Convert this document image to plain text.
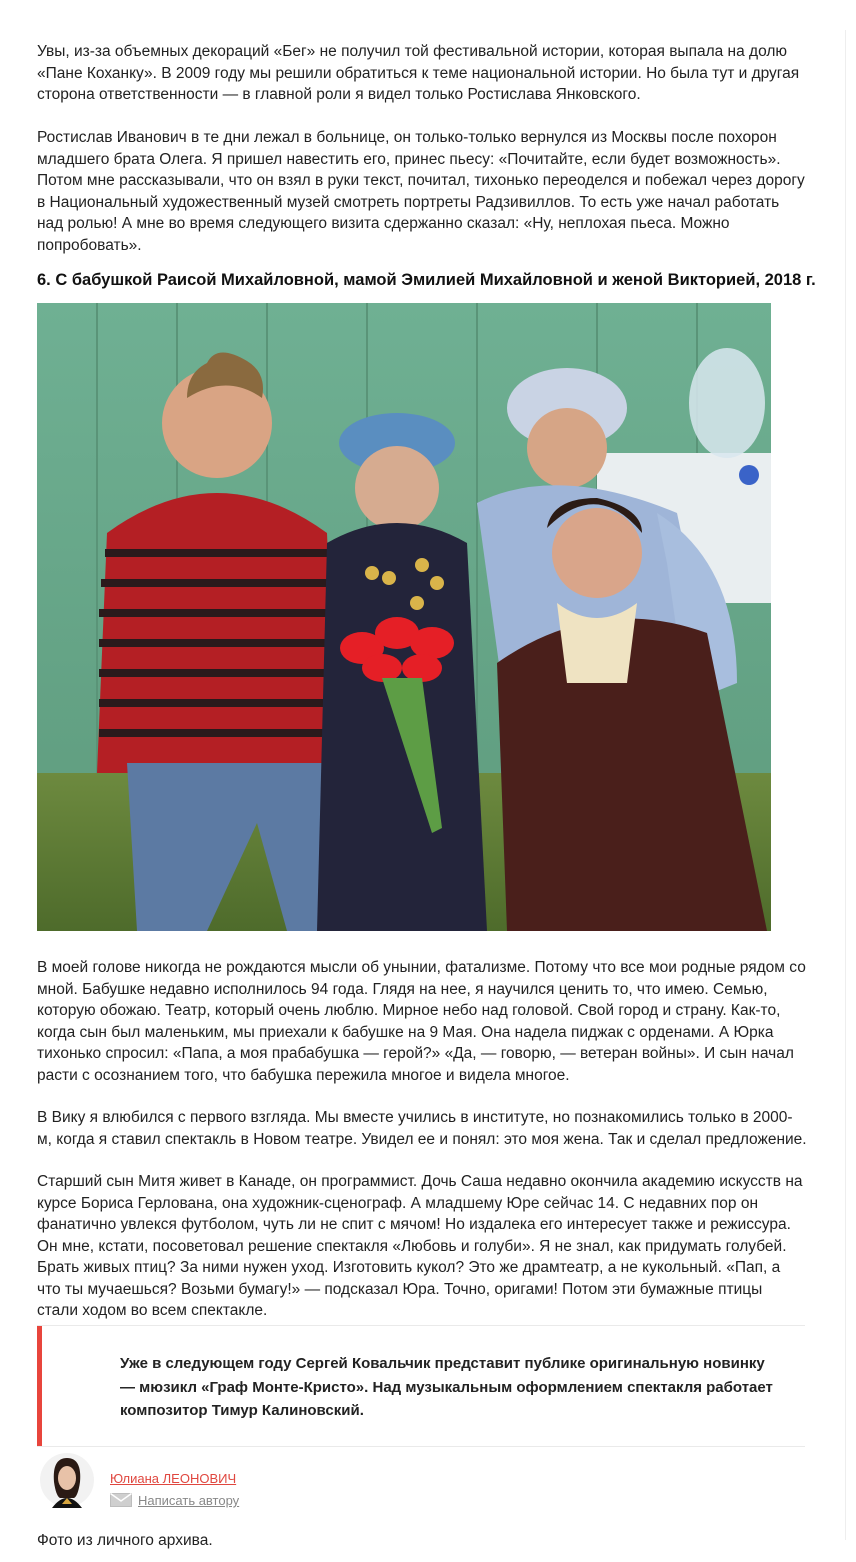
Увы, из-за объемных декораций «Бег» не получил той фестивальной истории, которая выпала на долю «Пане Коханку». В 2009 году мы решили обратиться к теме национальной истории. Но была тут и другая сторона ответственности — в главной роли я видел только Ростислава Янковского.

Ростислав Иванович в те дни лежал в больнице, он только-только вернулся из Москвы после похорон младшего брата Олега. Я пришел навестить его, принес пьесу: «Почитайте, если будет возможность». Потом мне рассказывали, что он взял в руки текст, почитал, тихонько переоделся и побежал через дорогу в Национальный художественный музей смотреть портреты Радзивиллов. То есть уже начал работать над ролью! А мне во время следующего визита сдержанно сказал: «Ну, неплохая пьеса. Можно попробовать».

6. С бабушкой Раисой Михайловной, мамой Эмилией Михайловной и женой Викторией, 2018 г.

В моей голове никогда не рождаются мысли об унынии, фатализме. Потому что все мои родные рядом со мной. Бабушке недавно исполнилось 94 года. Глядя на нее, я научился ценить то, что имею. Семью, которую обожаю. Театр, который очень люблю. Мирное небо над головой. Свой город и страну. Как-то, когда сын был маленьким, мы приехали к бабушке на 9 Мая. Она надела пиджак с орденами. А Юрка тихонько спросил: «Папа, а моя прабабушка — герой?» «Да, — говорю, — ветеран войны». И сын начал расти с осознанием того, что бабушка пережила многое и видела многое.

В Вику я влюбился с первого взгляда. Мы вместе учились в институте, но познакомились только в 2000-м, когда я ставил спектакль в Новом театре. Увидел ее и понял: это моя жена. Так и сделал предложение.

Старший сын Митя живет в Канаде, он программист. Дочь Саша недавно окончила академию искусств на курсе Бориса Герлована, она художник-сценограф. А младшему Юре сейчас 14. С недавних пор он фанатично увлекся футболом, чуть ли не спит с мячом! Но издалека его интересует также и режиссура. Он мне, кстати, посоветовал решение спектакля «Любовь и голуби». Я не знал, как придумать голубей. Брать живых птиц? За ними нужен уход. Изготовить кукол? Это же драмтеатр, а не кукольный. «Пап, а что ты мучаешься? Возьми бумагу!» — подсказал Юра. Точно, оригами! Потом эти бумажные птицы стали ходом во всем спектакле.

Уже в следующем году Сергей Ковальчик представит публике оригинальную новинку — мюзикл «Граф Монте-Кристо». Над музыкальным оформлением спектакля работает композитор Тимур Калиновский.
Юлиана ЛЕОНОВИЧ
Написать автору

Фото из личного архива.
